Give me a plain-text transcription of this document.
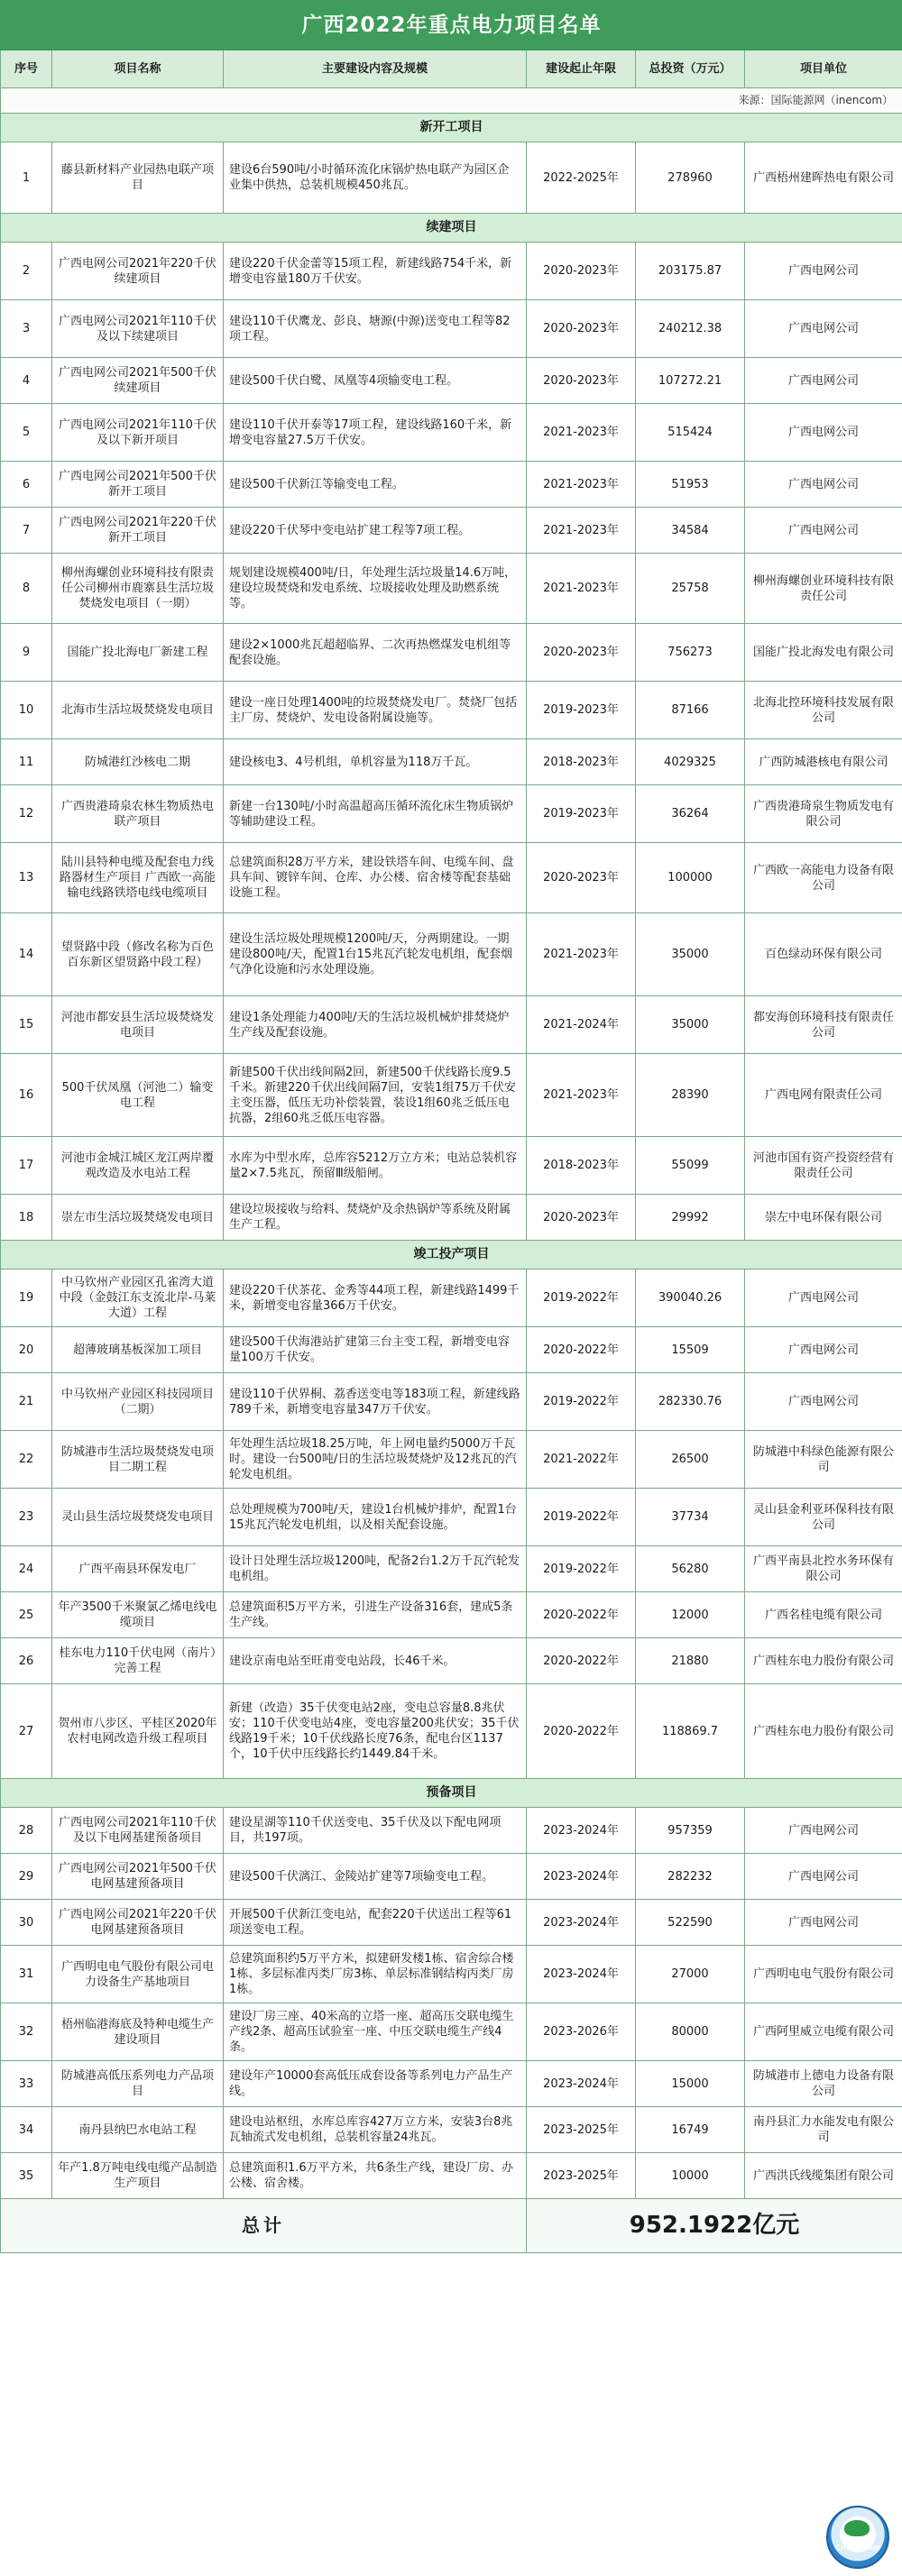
广西2022年重点电力项目名单					
序号	项目名称	主要建设内容及规模	建设起止年限	总投资（万元）	项目单位
来源：国际能源网（inencom）					
新开工项目					
1	藤县新材料产业园热电联产项目	建设6台590吨/小时循环流化床锅炉热电联产为园区企业集中供热，总装机规模450兆瓦。	2022-2025年	278960	广西梧州建晖热电有限公司
续建项目					
2	广西电网公司2021年220千伏续建项目	建设220千伏金蕾等15项工程，新建线路754千米，新增变电容量180万千伏安。	2020-2023年	203175.87	广西电网公司
3	广西电网公司2021年110千伏及以下续建项目	建设110千伏鹰龙、彭良、塘源(中源)送变电工程等82项工程。	2020-2023年	240212.38	广西电网公司
4	广西电网公司2021年500千伏续建项目	建设500千伏白鹭、凤凰等4项输变电工程。	2020-2023年	107272.21	广西电网公司
5	广西电网公司2021年110千伏及以下新开项目	建设110千伏开泰等17项工程，建设线路160千米，新增变电容量27.5万千伏安。	2021-2023年	515424	广西电网公司
6	广西电网公司2021年500千伏新开工项目	建设500千伏新江等输变电工程。	2021-2023年	51953	广西电网公司
7	广西电网公司2021年220千伏新开工项目	建设220千伏琴中变电站扩建工程等7项工程。	2021-2023年	34584	广西电网公司
8	柳州海螺创业环境科技有限责任公司柳州市鹿寨县生活垃圾焚烧发电项目（一期）	规划建设规模400吨/日，年处理生活垃圾量14.6万吨，建设垃圾焚烧和发电系统、垃圾接收处理及助燃系统等。	2021-2023年	25758	柳州海螺创业环境科技有限责任公司
9	国能广投北海电厂新建工程	建设2×1000兆瓦超超临界、二次再热燃煤发电机组等配套设施。	2020-2023年	756273	国能广投北海发电有限公司
10	北海市生活垃圾焚烧发电项目	建设一座日处理1400吨的垃圾焚烧发电厂。焚烧厂包括主厂房、焚烧炉、发电设备附属设施等。	2019-2023年	87166	北海北控环境科技发展有限公司
11	防城港红沙核电二期	建设核电3、4号机组，单机容量为118万千瓦。	2018-2023年	4029325	广西防城港核电有限公司
12	广西贵港琦泉农林生物质热电联产项目	新建一台130吨/小时高温超高压循环流化床生物质锅炉等辅助建设工程。	2019-2023年	36264	广西贵港琦泉生物质发电有限公司
13	陆川县特种电缆及配套电力线路器材生产项目 广西欧一高能输电线路铁塔电线电缆项目	总建筑面积28万平方米，建设铁塔车间、电缆车间、盘具车间、镀锌车间、仓库、办公楼、宿舍楼等配套基础设施工程。	2020-2023年	100000	广西欧一高能电力设备有限公司
14	望贤路中段（修改名称为百色百东新区望贤路中段工程）	建设生活垃圾处理规模1200吨/天，分两期建设。一期建设800吨/天，配置1台15兆瓦汽轮发电机组，配套烟气净化设施和污水处理设施。	2021-2023年	35000	百色绿动环保有限公司
15	河池市都安县生活垃圾焚烧发电项目	建设1条处理能力400吨/天的生活垃圾机械炉排焚烧炉生产线及配套设施。	2021-2024年	35000	都安海创环境科技有限责任公司
16	500千伏凤凰（河池二）输变电工程	新建500千伏出线间隔2回，新建500千伏线路长度9.5千米。新建220千伏出线间隔7回，安装1组75万千伏安主变压器，低压无功补偿装置，装设1组60兆乏低压电抗器，2组60兆乏低压电容器。	2021-2023年	28390	广西电网有限责任公司
17	河池市金城江城区龙江两岸覆观改造及水电站工程	水库为中型水库，总库容5212万立方米；电站总装机容量2×7.5兆瓦，预留Ⅲ级船闸。	2018-2023年	55099	河池市国有资产投资经营有限责任公司
18	崇左市生活垃圾焚烧发电项目	建设垃圾接收与给料、焚烧炉及余热锅炉等系统及附属生产工程。	2020-2023年	29992	崇左中电环保有限公司
竣工投产项目					
19	中马钦州产业园区孔雀湾大道中段（金鼓江东支流北岸-马莱大道）工程	建设220千伏茶花、金秀等44项工程，新建线路1499千米，新增变电容量366万千伏安。	2019-2022年	390040.26	广西电网公司
20	超薄玻璃基板深加工项目	建设500千伏海港站扩建第三台主变工程，新增变电容量100万千伏安。	2020-2022年	15509	广西电网公司
21	中马钦州产业园区科技园项目（二期）	建设110千伏界桐、荔香送变电等183项工程，新建线路789千米，新增变电容量347万千伏安。	2019-2022年	282330.76	广西电网公司
22	防城港市生活垃圾焚烧发电项目二期工程	年处理生活垃圾18.25万吨，年上网电量约5000万千瓦时。建设一台500吨/日的生活垃圾焚烧炉及12兆瓦的汽轮发电机组。	2021-2022年	26500	防城港中科绿色能源有限公司
23	灵山县生活垃圾焚烧发电项目	总处理规模为700吨/天，建设1台机械炉排炉，配置1台15兆瓦汽轮发电机组，以及相关配套设施。	2019-2022年	37734	灵山县金利亚环保科技有限公司
24	广西平南县环保发电厂	设计日处理生活垃圾1200吨，配备2台1.2万千瓦汽轮发电机组。	2019-2022年	56280	广西平南县北控水务环保有限公司
25	年产3500千米聚氯乙烯电线电缆项目	总建筑面积5万平方米，引进生产设备316套，建成5条生产线。	2020-2022年	12000	广西名桂电缆有限公司
26	桂东电力110千伏电网（南片）完善工程	建设京南电站至旺甫变电站段，长46千米。	2020-2022年	21880	广西桂东电力股份有限公司
27	贺州市八步区、平桂区2020年农村电网改造升级工程项目	新建（改造）35千伏变电站2座，变电总容量8.8兆伏安；110千伏变电站4座，变电容量200兆伏安；35千伏线路19千米；10千伏线路长度76条，配电台区1137个，10千伏中压线路长约1449.84千米。	2020-2022年	118869.7	广西桂东电力股份有限公司
预备项目					
28	广西电网公司2021年110千伏及以下电网基建预备项目	建设星湖等110千伏送变电、35千伏及以下配电网项目，共197项。	2023-2024年	957359	广西电网公司
29	广西电网公司2021年500千伏电网基建预备项目	建设500千伏漓江、金陵站扩建等7项输变电工程。	2023-2024年	282232	广西电网公司
30	广西电网公司2021年220千伏电网基建预备项目	开展500千伏新江变电站，配套220千伏送出工程等61项送变电工程。	2023-2024年	522590	广西电网公司
31	广西明电电气股份有限公司电力设备生产基地项目	总建筑面积约5万平方米，拟建研发楼1栋、宿舍综合楼1栋、多层标准丙类厂房3栋、单层标准钢结构丙类厂房1栋。	2023-2024年	27000	广西明电电气股份有限公司
32	梧州临港海底及特种电缆生产建设项目	建设厂房三座、40米高的立塔一座、超高压交联电缆生产线2条、超高压试验室一座、中压交联电缆生产线4条。	2023-2026年	80000	广西阿里威立电缆有限公司
33	防城港高低压系列电力产品项目	建设年产10000套高低压成套设备等系列电力产品生产线。	2023-2024年	15000	防城港市上德电力设备有限公司
34	南丹县纳巴水电站工程	建设电站枢纽，水库总库容427万立方米，安装3台8兆瓦轴流式发电机组，总装机容量24兆瓦。	2023-2025年	16749	南丹县汇力水能发电有限公司
35	年产1.8万吨电线电缆产品制造生产项目	总建筑面积1.6万平方米，共6条生产线，建设厂房、办公楼、宿舍楼。	2023-2025年	10000	广西洪氏线缆集团有限公司
总计			952.1922亿元		
CnLng.com
